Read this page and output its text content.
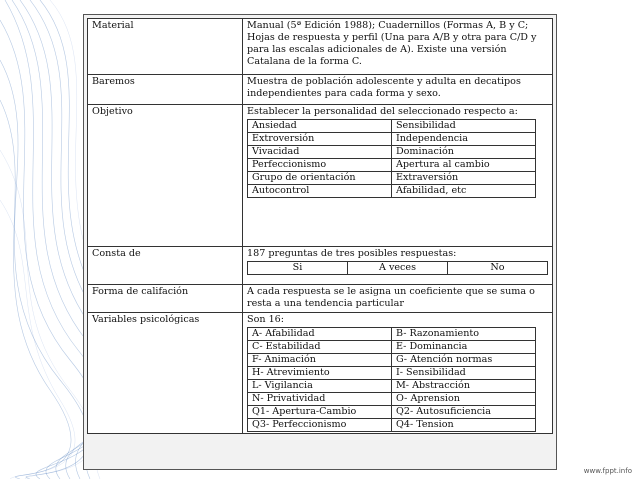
Material	Manual (5ª Edición 1988); Cuadernillos (Formas A, B y C; Hojas de respuesta y perfil (Una para A/B y otra para C/D y para las escalas adicionales de A). Existe una versión Catalana de la forma C.
Baremos	Muestra de población adolescente y adulta en decatipos independientes para cada forma y sexo.
Objetivo	Establecer la personalidad del seleccionado respecto a:
Ansiedad	Sensibilidad
Extroversión	Independencia
Vivacidad	Dominación
Perfeccionismo	Apertura al cambio
Grupo de orientación	Extraversión
Autocontrol	Afabilidad, etc

Consta de	187 preguntas de tres posibles respuestas:
Si	A veces	No

Forma de califación	A cada respuesta se le asigna un coeficiente que se suma o resta a una tendencia particular
Variables psicológicas	Son 16:
A- Afabilidad	B- Razonamiento
C- Estabilidad	E- Dominancia
F- Animación	G- Atención normas
H- Atrevimiento	I- Sensibilidad
L- Vigilancia	M- Abstracción
N- Privatividad	O- Aprension
Q1- Apertura-Cambio	Q2- Autosuficiencia
Q3- Perfeccionismo	Q4- Tension
www.fppt.info
